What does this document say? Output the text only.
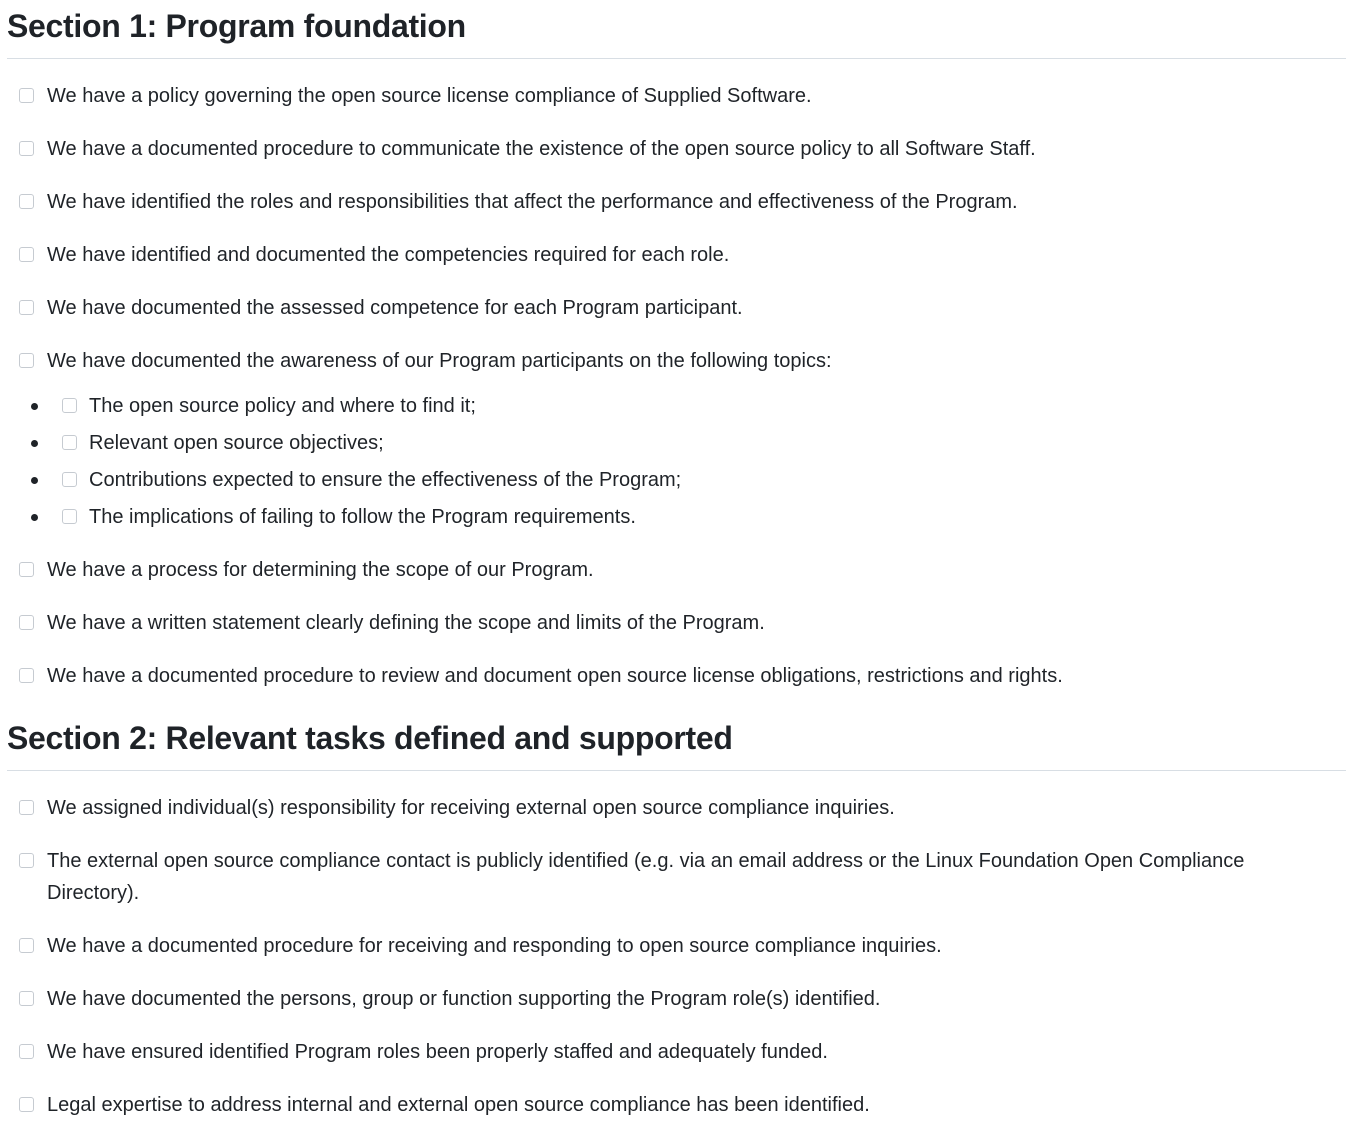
Section 1: Program foundation
We have a policy governing the open source license compliance of Supplied Software.
We have a documented procedure to communicate the existence of the open source policy to all Software Staff.
We have identified the roles and responsibilities that affect the performance and effectiveness of the Program.
We have identified and documented the competencies required for each role.
We have documented the assessed competence for each Program participant.
We have documented the awareness of our Program participants on the following topics:
The open source policy and where to find it;
Relevant open source objectives;
Contributions expected to ensure the effectiveness of the Program;
The implications of failing to follow the Program requirements.
We have a process for determining the scope of our Program.
We have a written statement clearly defining the scope and limits of the Program.
We have a documented procedure to review and document open source license obligations, restrictions and rights.
Section 2: Relevant tasks defined and supported
We assigned individual(s) responsibility for receiving external open source compliance inquiries.
The external open source compliance contact is publicly identified (e.g. via an email address or the Linux Foundation Open Compliance Directory).
We have a documented procedure for receiving and responding to open source compliance inquiries.
We have documented the persons, group or function supporting the Program role(s) identified.
We have ensured identified Program roles been properly staffed and adequately funded.
Legal expertise to address internal and external open source compliance has been identified.
